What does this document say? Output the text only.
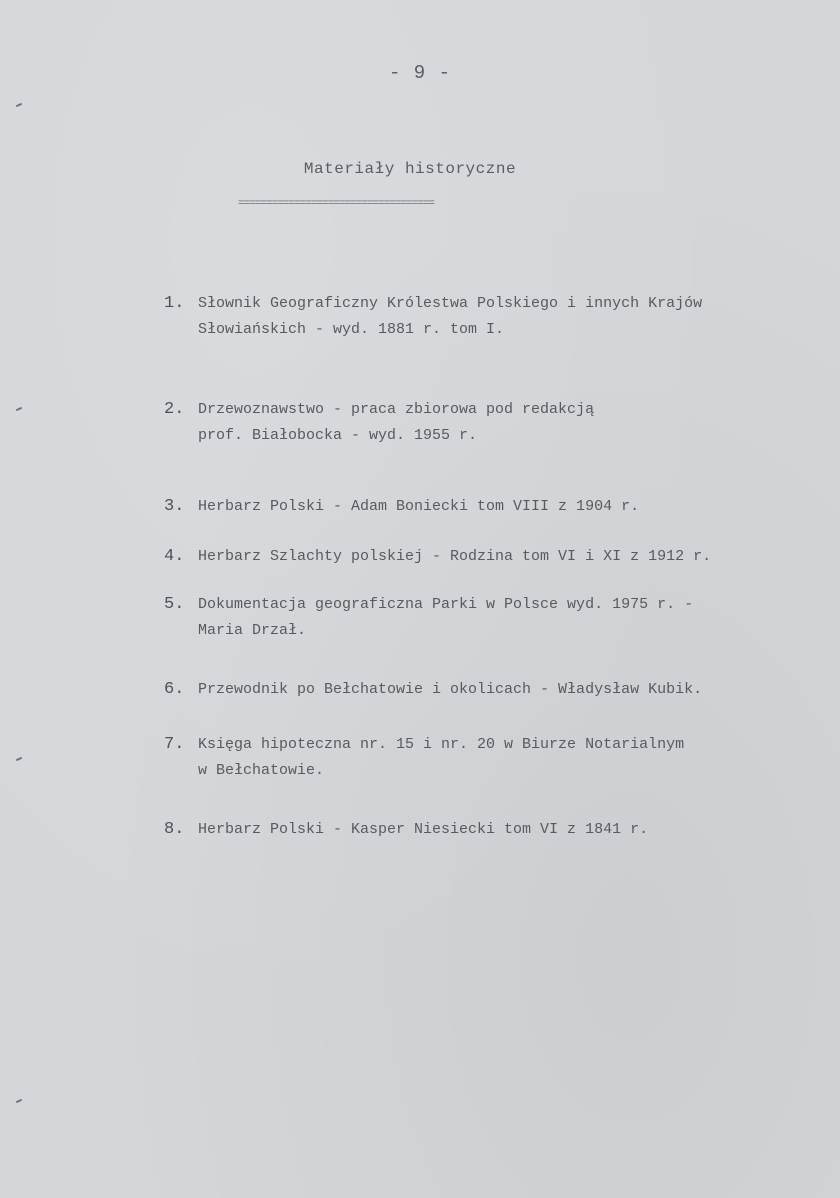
- 9 -
Materiały historyczne
===================================
1. Słownik Geograficzny Królestwa Polskiego i innych Krajów
Słowiańskich - wyd. 1881 r. tom I.
2. Drzewoznawstwo - praca zbiorowa pod redakcją
prof. Białobocka - wyd. 1955 r.
3. Herbarz Polski - Adam Boniecki tom VIII z 1904 r.
4. Herbarz Szlachty polskiej - Rodzina tom VI i XI z 1912 r.
5. Dokumentacja geograficzna Parki w Polsce wyd. 1975 r. -
Maria Drzał.
6. Przewodnik po Bełchatowie i okolicach - Władysław Kubik.
7. Księga hipoteczna nr. 15 i nr. 20 w Biurze Notarialnym
w Bełchatowie.
8. Herbarz Polski - Kasper Niesiecki tom VI z 1841 r.
